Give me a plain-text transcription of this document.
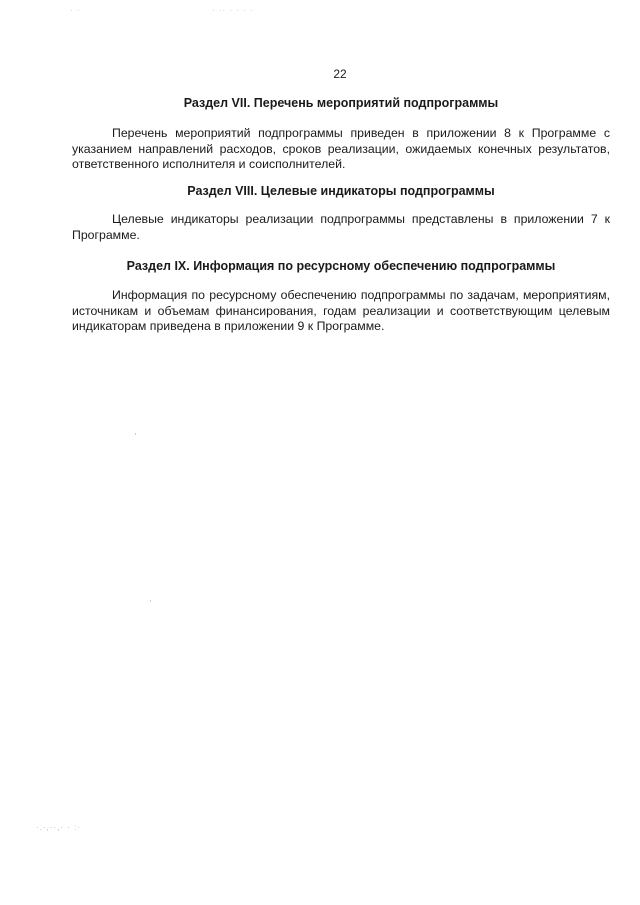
· ·	· ·· · · · ·
22
Раздел VII. Перечень мероприятий подпрограммы

Перечень мероприятий подпрограммы приведен в приложении 8 к Программе с указанием направлений расходов, сроков реализации, ожидаемых конечных результатов, ответственного исполнителя и соисполнителей.

Раздел VIII. Целевые индикаторы подпрограммы

Целевые индикаторы реализации подпрограммы представлены в приложении 7 к Программе.

Раздел IX. Информация по ресурсному обеспечению подпрограммы

Информация по ресурсному обеспечению подпрограммы по задачам, мероприятиям, источникам и объемам финансирования, годам реализации и соответствующим целевым индикаторам приведена в приложении 9 к Программе.

·.·,··,· · :·
